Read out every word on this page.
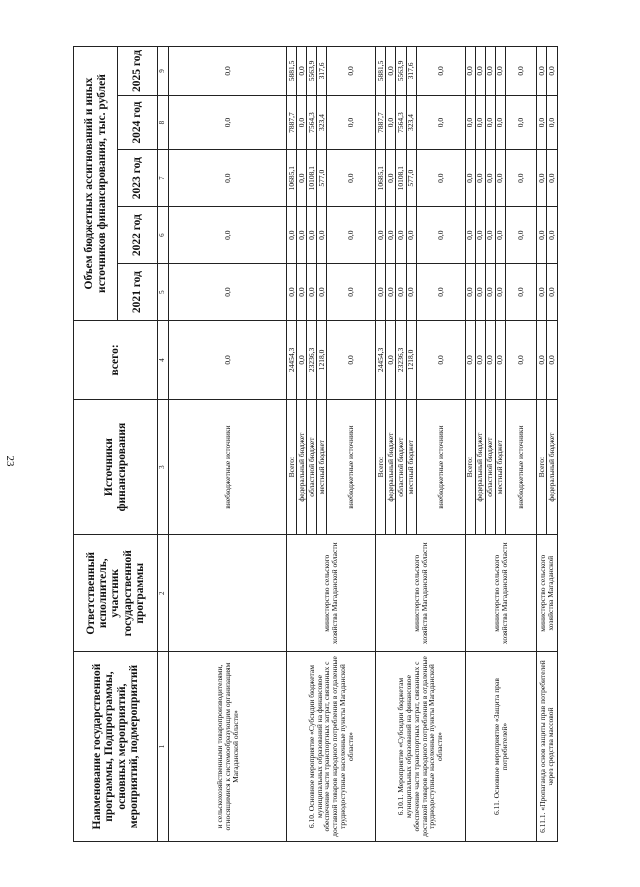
23
Наименование государственной программы, Подпрограммы, основных мероприятий, мероприятий, подмероприятий	Ответственный исполнитель, участник государственной программы	Источники финансирования	всего:	Объем бюджетных ассигнований и иных источников финансирования, тыс. рублей				
				2021 год	2022 год	2023 год	2024 год	2025 год
1	2	3	4	5	6	7	8	9
и сельскохозяйственными товаропроизводителями, относящимися к системообразующим организациям Магаданской области»		внебюджетные источники	0,0	0,0	0,0	0,0	0,0	0,0
6.10. Основное мероприятие «Субсидии бюджетам муниципальных образований на финансовое обеспечение части транспортных затрат, связанных с доставкой товаров народного потребления в отдаленные труднодоступные населенные пункты Магаданской области»	министерство сельского хозяйства Магаданской области	Всего:	24454,3	0,0	0,0	10685,1	7887,7	5881,5
		федеральный бюджет	0,0	0,0	0,0	0,0	0,0	0,0
		областной бюджет	23236,3	0,0	0,0	10108,1	7564,3	5563,9
		местный бюджет	1218,0	0,0	0,0	577,0	323,4	317,6
		внебюджетные источники	0,0	0,0	0,0	0,0	0,0	0,0
6.10.1. Мероприятие «Субсидии бюджетам муниципальных образований на финансовое обеспечение части транспортных затрат, связанных с доставкой товаров народного потребления в отдаленные труднодоступные населенные пункты Магаданской области»	министерство сельского хозяйства Магаданской области	Всего:	24454,3	0,0	0,0	10685,1	7887,7	5881,5
		федеральный бюджет	0,0	0,0	0,0	0,0	0,0	0,0
		областной бюджет	23236,3	0,0	0,0	10108,1	7564,3	5563,9
		местный бюджет	1218,0	0,0	0,0	577,0	323,4	317,6
		внебюджетные источники	0,0	0,0	0,0	0,0	0,0	0,0
6.11. Основное мероприятие «Защита прав потребителей»	министерство сельского хозяйства Магаданской области	Всего:	0,0	0,0	0,0	0,0	0,0	0,0
		федеральный бюджет	0,0	0,0	0,0	0,0	0,0	0,0
		областной бюджет	0,0	0,0	0,0	0,0	0,0	0,0
		местный бюджет	0,0	0,0	0,0	0,0	0,0	0,0
		внебюджетные источники	0,0	0,0	0,0	0,0	0,0	0,0
6.11.1. «Пропаганда основ защиты прав потребителей через средства массовой	министерство сельского хозяйства Магаданской	Всего:	0,0	0,0	0,0	0,0	0,0	0,0
		федеральный бюджет	0,0	0,0	0,0	0,0	0,0	0,0
